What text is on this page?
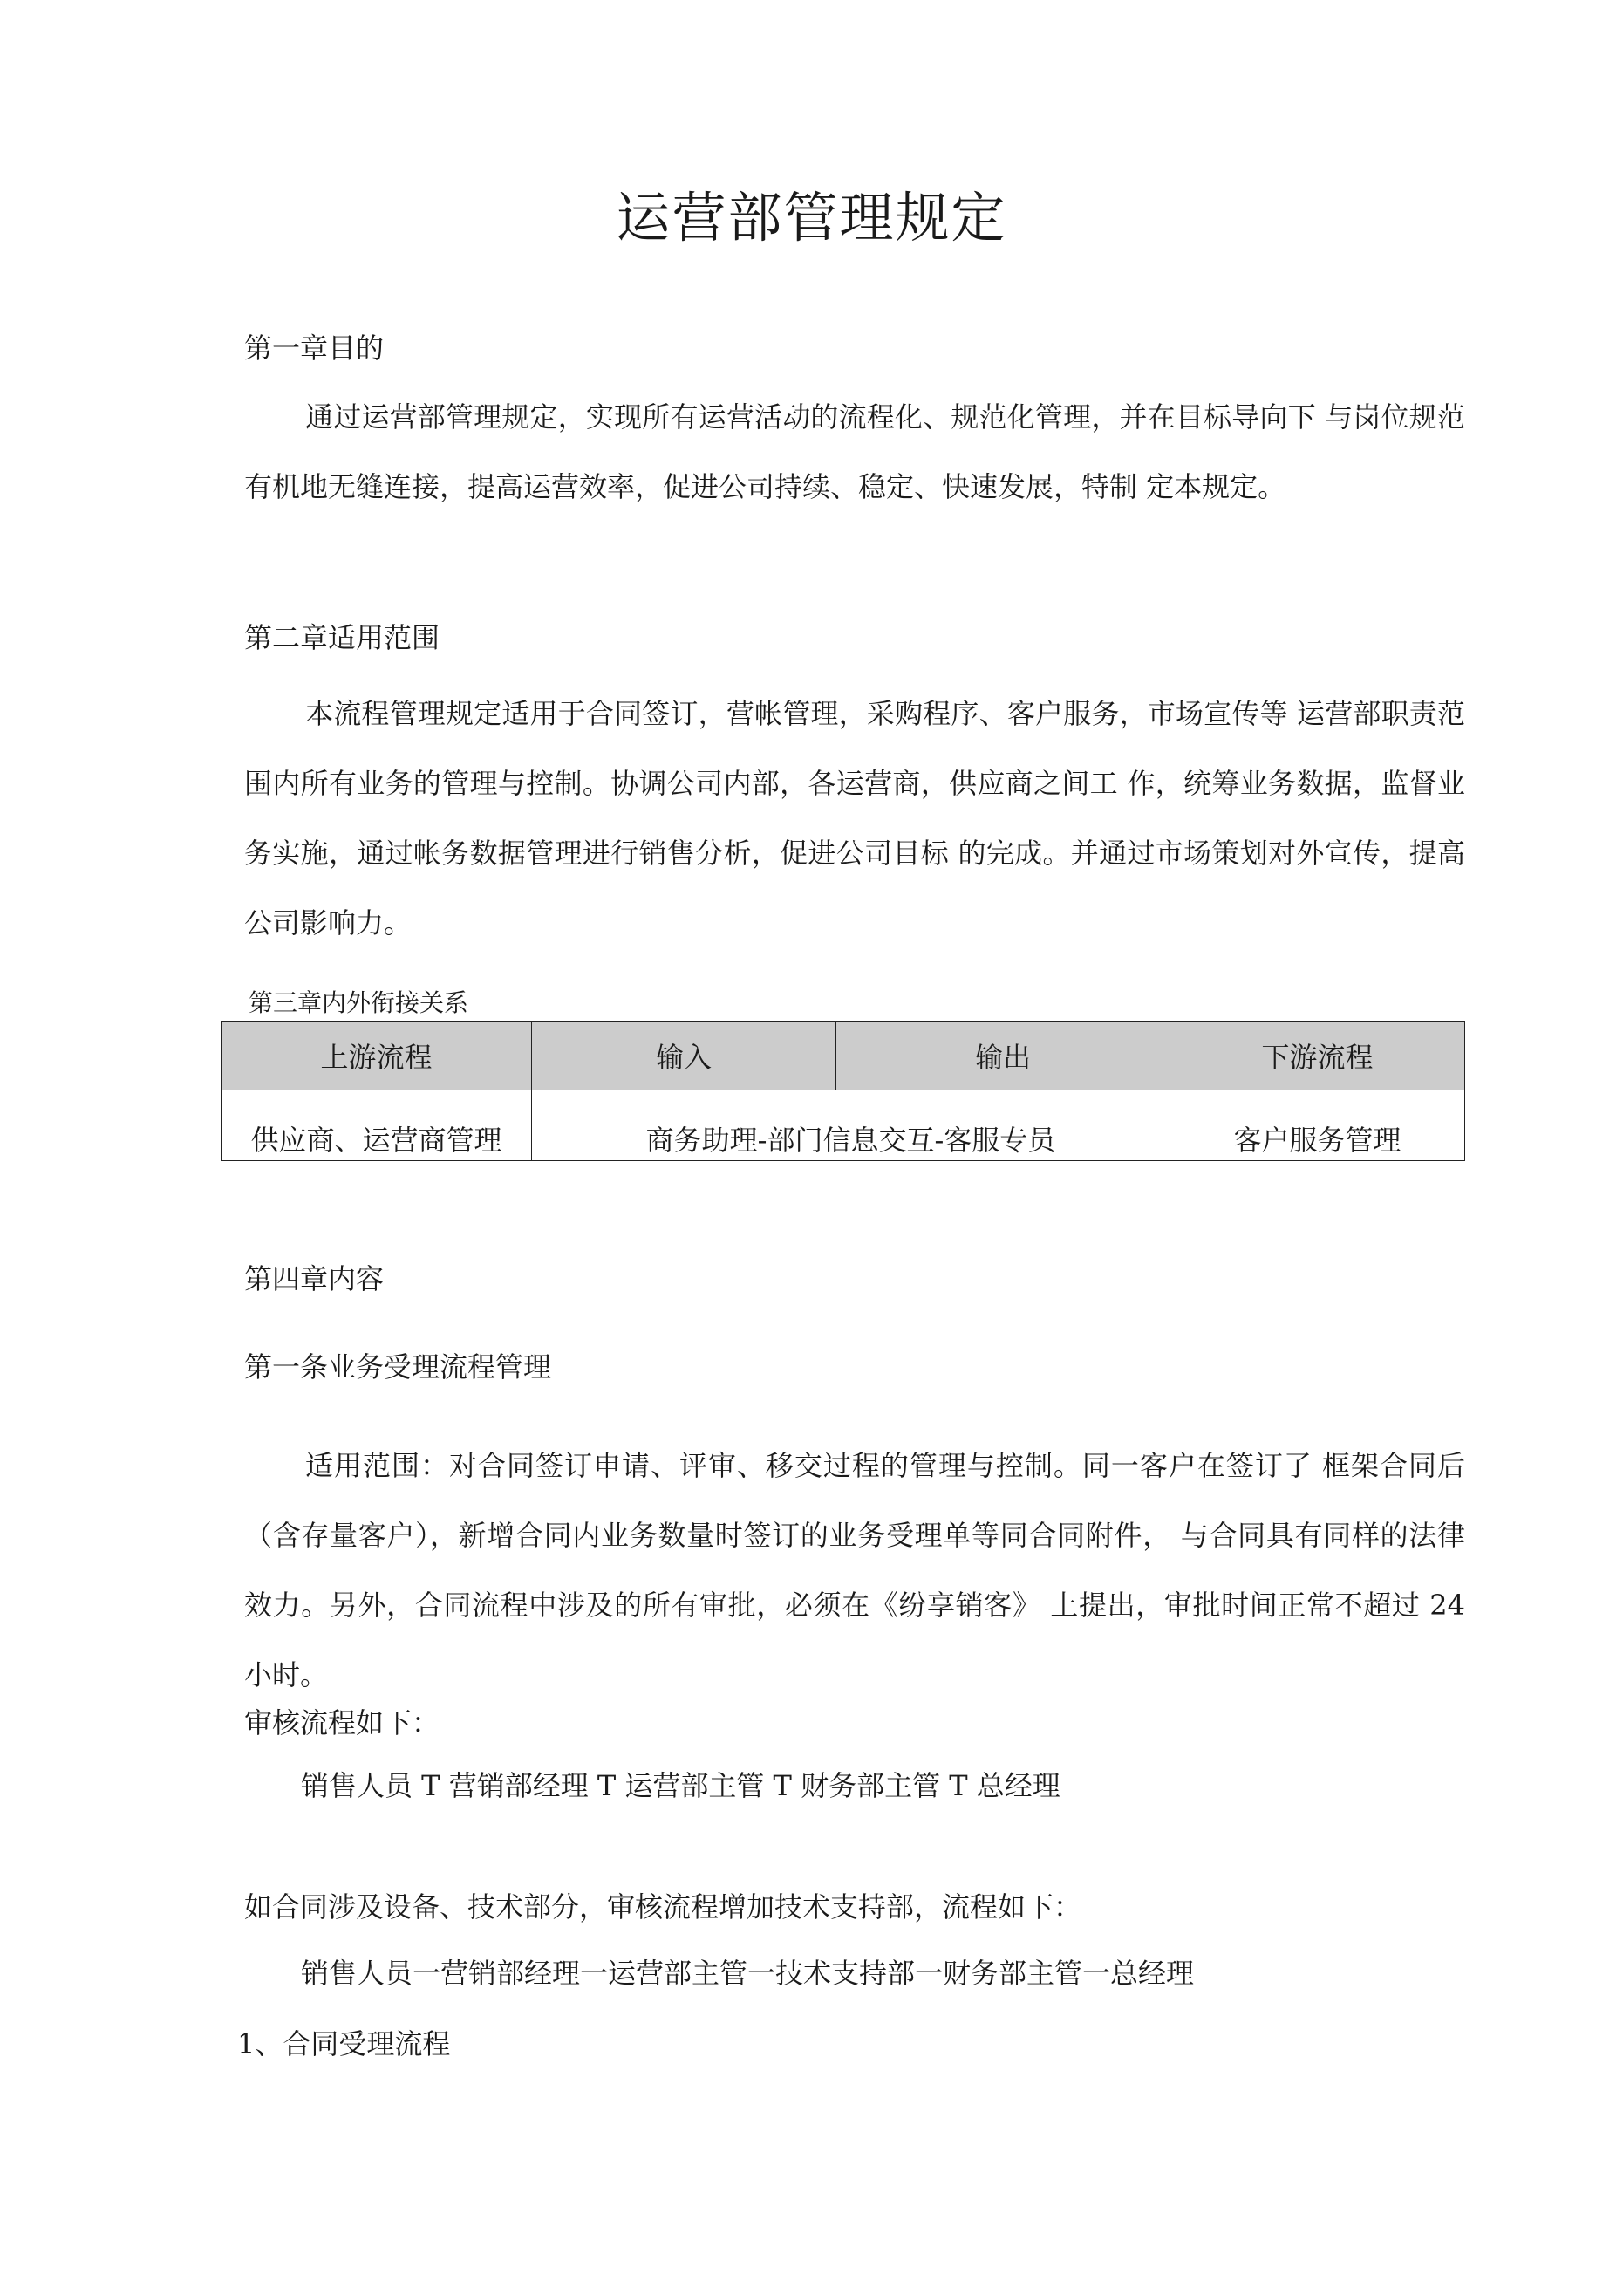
运营部管理规定
第一章目的
通过运营部管理规定，实现所有运营活动的流程化、规范化管理，并在目标导向下 与岗位规范有机地无缝连接，提高运营效率，促进公司持续、稳定、快速发展，特制 定本规定。
第二章适用范围
本流程管理规定适用于合同签订，营帐管理，采购程序、客户服务，市场宣传等 运营部职责范围内所有业务的管理与控制。协调公司内部，各运营商，供应商之间工 作，统筹业务数据，监督业务实施，通过帐务数据管理进行销售分析，促进公司目标 的完成。并通过市场策划对外宣传，提高公司影响力。
第三章内外衔接关系
上游流程	输入	输出	下游流程
供应商、运营商管理	商务助理-部门信息交互-客服专员		客户服务管理
第四章内容
第一条业务受理流程管理
适用范围：对合同签订申请、评审、移交过程的管理与控制。同一客户在签订了 框架合同后（含存量客户），新增合同内业务数量时签订的业务受理单等同合同附件， 与合同具有同样的法律效力。另外，合同流程中涉及的所有审批，必须在《纷享销客》 上提出，审批时间正常不超过 24 小时。
审核流程如下：
销售人员 T 营销部经理 T 运营部主管 T 财务部主管 T 总经理
如合同涉及设备、技术部分，审核流程增加技术支持部，流程如下：
销售人员一营销部经理一运营部主管一技术支持部一财务部主管一总经理
1、合同受理流程
